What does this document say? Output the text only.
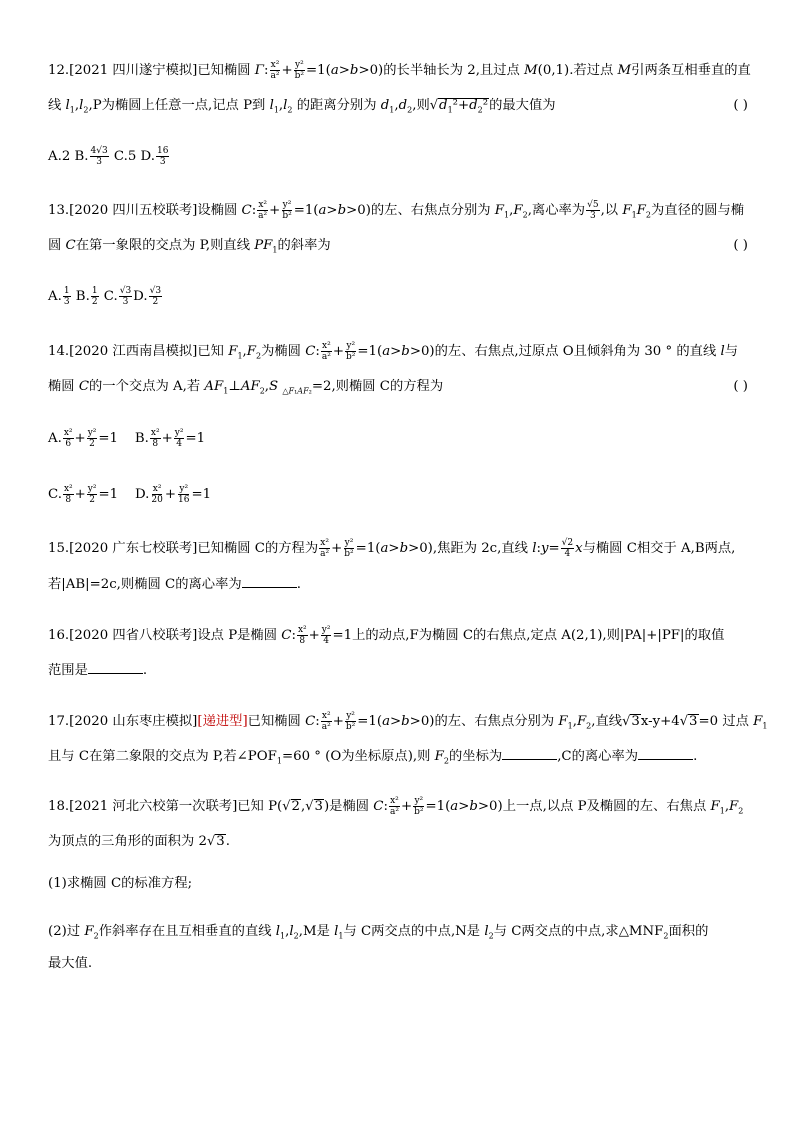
12.[2021 四川遂宁模拟]已知椭圆 Γ: $\frac{\text{x²}}{\text{a²}} + \frac{\text{y²}}{\text{b²}} =1(a>b>0)$的长半轴长为 2,且过点 M(0,1).若过点 M引两条互相垂直的直
线 $l_1,l_2,P$为椭圆上任意一点,记点 P到 $l_1,l_2$ 的距离分别为 $d_1,d_2$,则$√d_1^2+d_2^2$的最大值为	( )
A.2 B. $\frac{4√3}{3} C.5$ D. $\frac{16}{3}$
13.[2020 四川五校联考]设椭圆 C: $\frac{\text{x²}}{\text{a²}} + \frac{\text{y²}}{\text{b²}} =1(a>b>0)$的左、右焦点分别为 $F_1,F_2$,离心率为 $\frac{√5}{3}$ ,以 $F_1F_2$为直径的圆与椭
圆 C在第一象限的交点为 P,则直线 $PF_1$的斜率为	( )
A. $\frac{1}{3} B$. $\frac{1}{2} C$. $\frac{√3}{3} D$. $\frac{√3}{2}$
14.[2020 江西南昌模拟]已知 $F_1,F_2$为椭圆 C: $\frac{\text{x²}}{\text{a²}} + \frac{\text{y²}}{\text{b²}} =1(a>b>0)$的左、右焦点,过原点 O且倾斜角为 30 ° 的直线 l与
椭圆 C的一个交点为 A,若 $AF_1\perp AF_2,S$ $_{\triangle F_1AF_2}$=2,则椭圆 C的方程为	( )
A. $\frac{\text{x²}}{6} + \frac{\text{y²}}{2} =1$    B. $\frac{\text{x²}}{8} + \frac{\text{y²}}{4} =1$
C. $\frac{\text{x²}}{8} + \frac{\text{y²}}{2} =1$    D. $\frac{\text{x²}}{20} + \frac{\text{y²}}{16} =1$
15.[2020 广东七校联考]已知椭圆 C的方程为 $\frac{\text{x²}}{\text{a²}} + \frac{\text{y²}}{\text{b²}} =1(a>b>0)$,焦距为 2c,直线 l:y= $\frac{√2}{4}$ x与椭圆 C相交于 A,B两点,
若|AB|=2c,则椭圆 C的离心率为	.
16.[2020 四省八校联考]设点 P是椭圆 C: $\frac{\text{x²}}{8} + \frac{\text{y²}}{4} =1$上的动点,F为椭圆 C的右焦点,定点 A(2,1),则|PA|+|PF|的取值
范围是	.
17.[2020 山东枣庄模拟][递进型]已知椭圆 C: $\frac{\text{x²}}{\text{a²}} + \frac{\text{y²}}{\text{b²}} =1(a>b>0)$的左、右焦点分别为 $F_1,F_2$,直线√3x-y+4√3=0 过点 $F_1$
且与 C在第二象限的交点为 P,若$\angle POF_1=60$ ° (O为坐标原点),则 $F_2$的坐标为	,C的离心率为	.
18.[2021 河北六校第一次联考]已知 P(√2,√3)是椭圆 C: $\frac{\text{x²}}{\text{a²}} + \frac{\text{y²}}{\text{b²}} =1(a>b>0)$上一点,以点 P及椭圆的左、右焦点 $F_1,F_2$
为顶点的三角形的面积为 2√3.
(1)求椭圆 C的标准方程;
(2)过 $F_2$作斜率存在且互相垂直的直线 $l_1,l_2,M$是 $l_1$与 C两交点的中点,N是 $l_2$与 C两交点的中点,求$\triangle MNF_2$面积的
最大值.
